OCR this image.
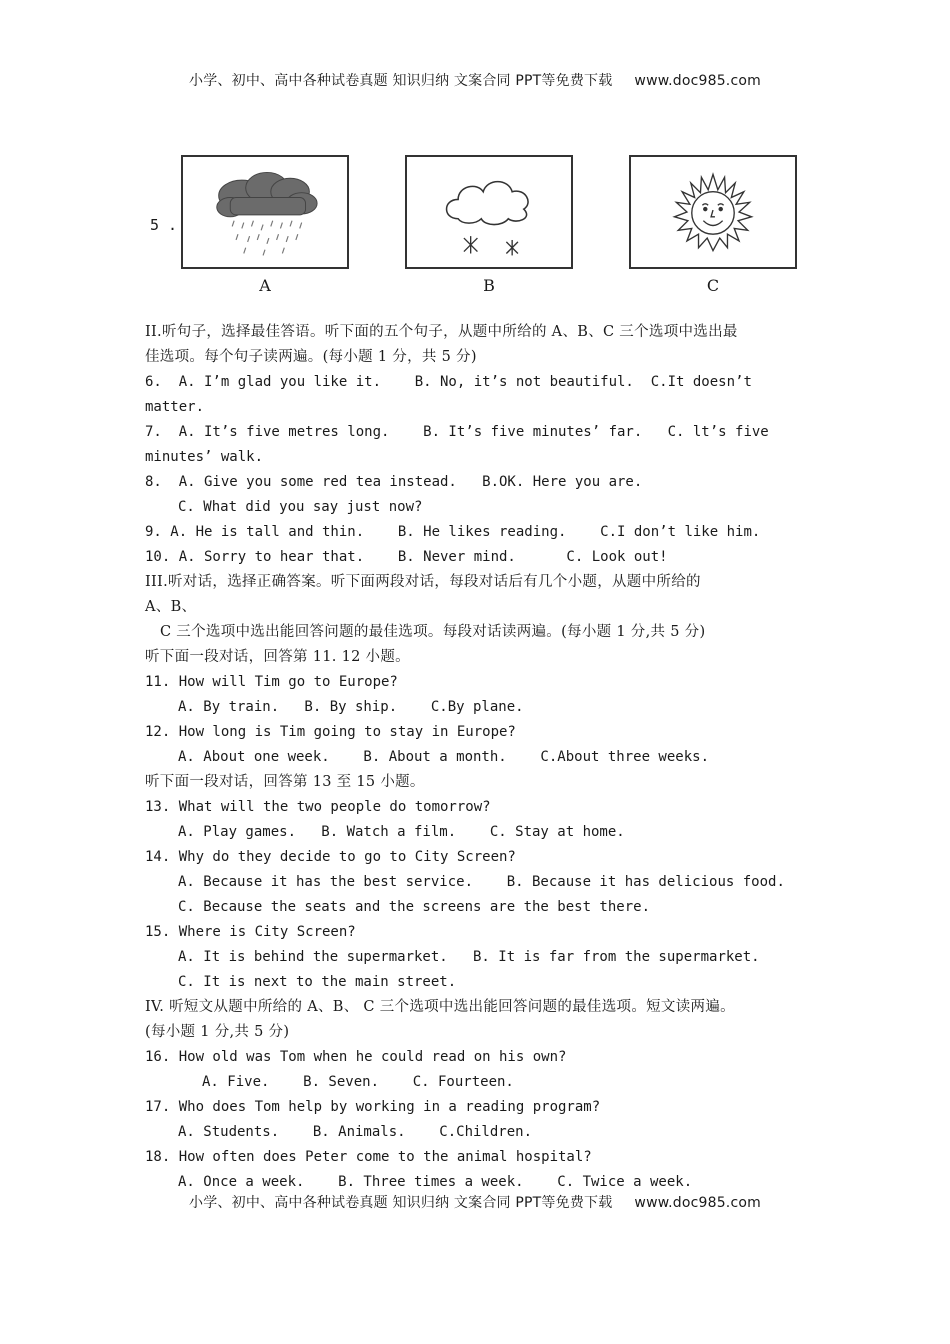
小学、初中、高中各种试卷真题 知识归纳 文案合同 PPT等免费下载 www.doc985.com
5 .
A	B	C
II.听句子，选择最佳答语。听下面的五个句子，从题中所给的 A、B、C 三个选项中选出最
佳选项。每个句子读两遍。(每小题 1 分，共 5 分)
6.  A. I’m glad you like it.    B. No, it’s not beautiful.  C.It doesn’t
matter.
7.  A. It’s five metres long.    B. It’s five minutes’ far.   C. lt’s five
minutes’ walk.
8.  A. Give you some red tea instead.   B.OK. Here you are.
C. What did you say just now?
9. A. He is tall and thin.    B. He likes reading.    C.I don’t like him.
10. A. Sorry to hear that.    B. Never mind.      C. Look out!
III.听对话，选择正确答案。听下面两段对话，每段对话后有几个小题，从题中所给的
A、B、
C 三个选项中选出能回答问题的最佳选项。每段对话读两遍。(每小题 1 分,共 5 分)
听下面一段对话，回答第 11. 12 小题。
11. How will Tim go to Europe?
A. By train.   B. By ship.    C.By plane.
12. How long is Tim going to stay in Europe?
A. About one week.    B. About a month.    C.About three weeks.
听下面一段对话，回答第 13 至 15 小题。
13. What will the two people do tomorrow?
A. Play games.   B. Watch a film.    C. Stay at home.
14. Why do they decide to go to City Screen?
A. Because it has the best service.    B. Because it has delicious food.
C. Because the seats and the screens are the best there.
15. Where is City Screen?
A. It is behind the supermarket.   B. It is far from the supermarket.
C. It is next to the main street.
IV. 听短文从题中所给的 A、B、 C 三个选项中选出能回答问题的最佳选项。短文读两遍。
(每小题 1 分,共 5 分)
16. How old was Tom when he could read on his own?
A. Five.    B. Seven.    C. Fourteen.
17. Who does Tom help by working in a reading program?
A. Students.    B. Animals.    C.Children.
18. How often does Peter come to the animal hospital?
A. Once a week.    B. Three times a week.    C. Twice a week.
小学、初中、高中各种试卷真题 知识归纳 文案合同 PPT等免费下载 www.doc985.com
